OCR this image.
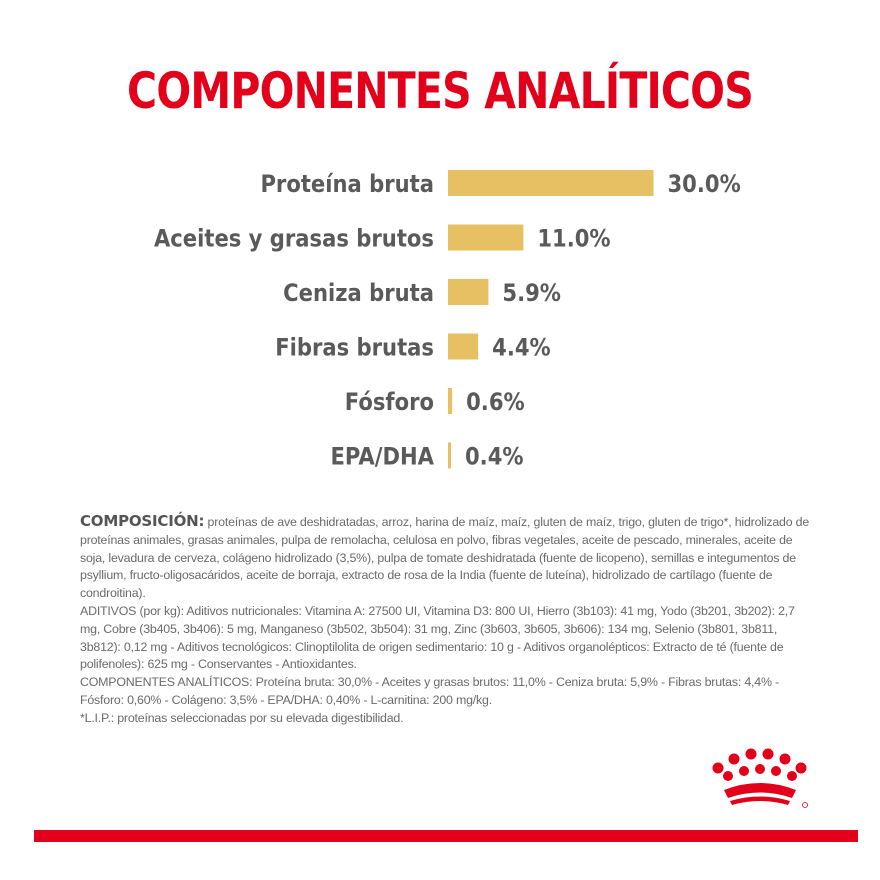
COMPONENTES ANALÍTICOS
Proteína bruta	30.0%
Aceites y grasas brutos	11.0%
Ceniza bruta	5.9%
Fibras brutas 4.4%
Fósforo 0.6%
EPA/DHA 0.4%

COMPOSICIÓN: proteínas de ave deshidratadas, arroz, harina de maíz, maíz, gluten de maíz, trigo, gluten de trigo*, hidrolizado de proteínas animales, grasas animales, pulpa de remolacha, celulosa en polvo, fibras vegetales, aceite de pescado, minerales, aceite de soja, levadura de cerveza, colágeno hidrolizado (3,5%), pulpa de tomate deshidratada (fuente de licopeno), semillas e integumentos de psyllium, fructo-oligosacáridos, aceite de borraja, extracto de rosa de la India (fuente de luteína), hidrolizado de cartílago (fuente de condroitina).

ADITIVOS (por kg): Aditivos nutricionales: Vitamina A: 27500 UI, Vitamina D3: 800 UI, Hierro (3b103): 41 mg, Yodo (3b201, 3b202): 2,7 mg, Cobre (3b405, 3b406): 5 mg, Manganeso (3b502, 3b504): 31 mg, Zinc (3b603, 3b605, 3b606): 134 mg, Selenio (3b801, 3b811, 3b812): 0,12 mg - Aditivos tecnológicos: Clinoptilolita de origen sedimentario: 10 g - Aditivos organolépticos: Extracto de té (fuente de polifenoles): 625 mg - Conservantes - Antioxidantes.

COMPONENTES ANALÍTICOS: Proteína bruta: 30,0% - Aceites y grasas brutos: 11,0% - Ceniza bruta: 5,9% - Fibras brutas: 4,4% - Fósforo: 0,60% - Colágeno: 3,5% - EPA/DHA: 0,40% - L-carnitina: 200 mg/kg.

*L.I.P.: proteínas seleccionadas por su elevada digestibilidad.
